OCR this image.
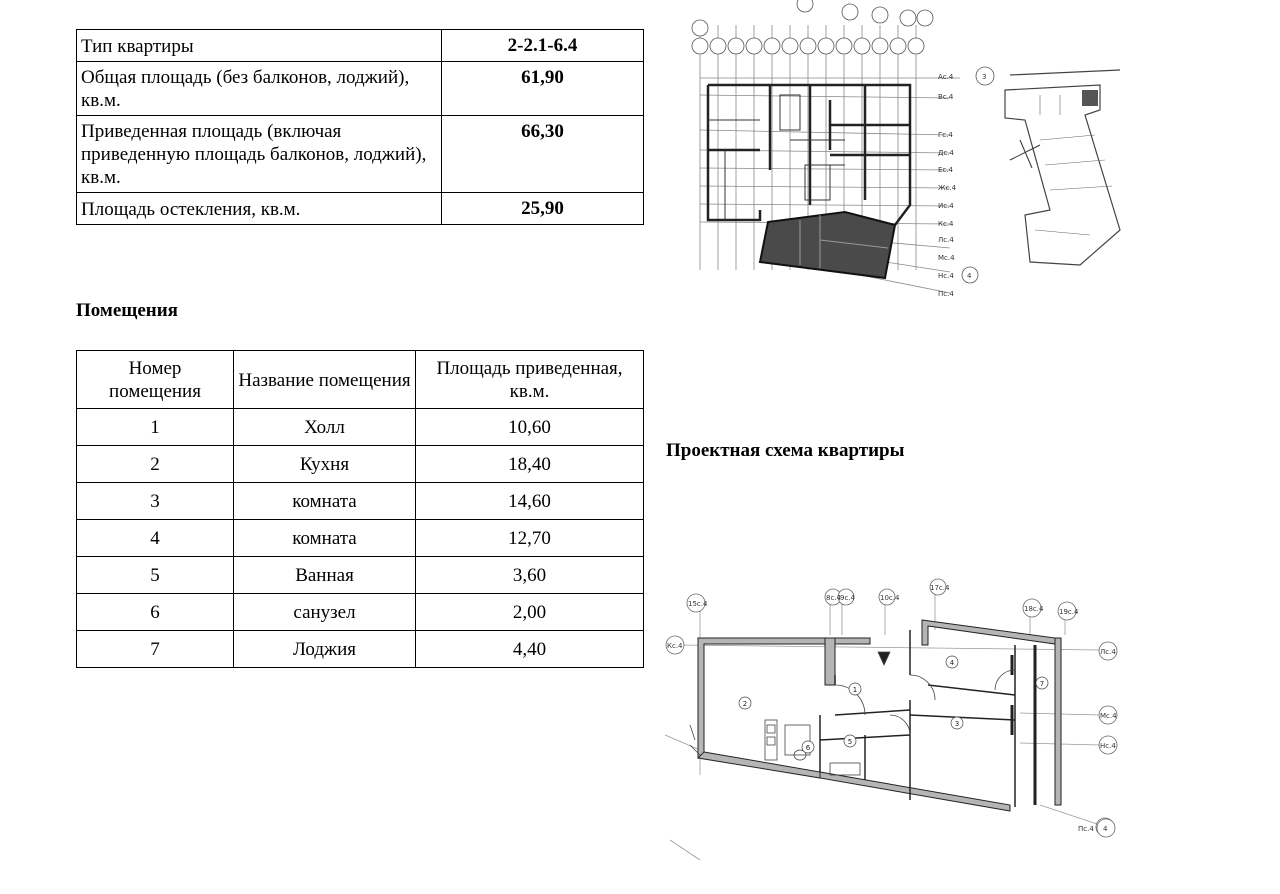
Тип квартиры	2-2.1-6.4
Общая площадь (без балконов, лоджий), кв.м.	61,90
Приведенная площадь (включая приведенную площадь балконов, лоджий), кв.м.	66,30
Площадь остекления, кв.м.	25,90
Помещения
Номер помещения	Название помещения	Площадь приведенная, кв.м.
1	Холл	10,60
2	Кухня	18,40
3	комната	14,60
4	комната	12,70
5	Ванная	3,60
6	санузел	2,00
7	Лоджия	4,40
Ас.4
Вс.4
Гс.4
Дс.4
Ес.4
Жс.4
Ис.4
Кс.4
Лс.4
Мс.4
Нс.4
Пс.4
3
4
Проектная схема квартиры
15с.4
8с.4 9с.4	10с.4
17с.4
18с.4 19с.4
Кс.4
Лс.4
Мс.4
Нс.4
Пс.4 4
1
2
3
4
5
6
7
